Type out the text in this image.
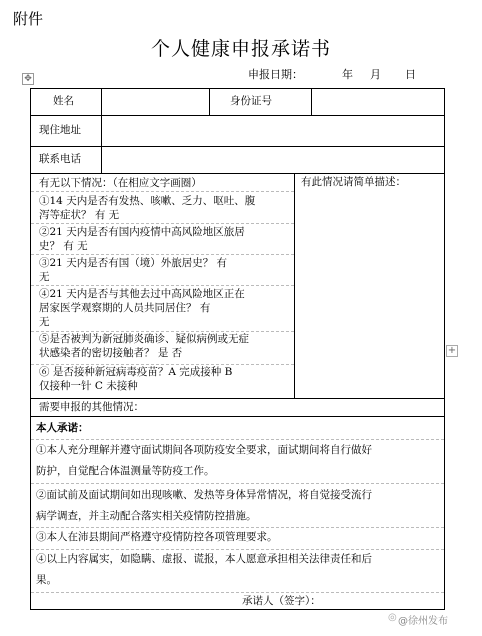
附件
个人健康申报承诺书
✥	申报日期：	年 月 日
姓名	身份证号
现住地址
联系电话
有无以下情况：（在相应文字画圈）	有此情况请简单描述：
①14 天内是否有发热、咳嗽、乏力、呕吐、腹
泻等症状？ 有 无
②21 天内是否有国内疫情中高风险地区旅居
史？ 有 无
③21 天内是否有国（境）外旅居史？ 有
无
④21 天内是否与其他去过中高风险地区正在
居家医学观察期的人员共同居住？ 有
无
⑤是否被判为新冠肺炎确诊、疑似病例或无症
状感染者的密切接触者？ 是 否
⑥ 是否接种新冠病毒疫苗？A 完成接种 B
仅接种一针 C 未接种
需要申报的其他情况：
本人承诺：
①本人充分理解并遵守面试期间各项防疫安全要求，面试期间将自行做好
防护，自觉配合体温测量等防疫工作。
②面试前及面试期间如出现咳嗽、发热等身体异常情况，将自觉接受流行
病学调查，并主动配合落实相关疫情防控措施。
③本人在沛县期间严格遵守疫情防控各项管理要求。
④以上内容属实，如隐瞒、虚报、谎报，本人愿意承担相关法律责任和后
果。
承诺人（签字）：
+
◎ @徐州发布
